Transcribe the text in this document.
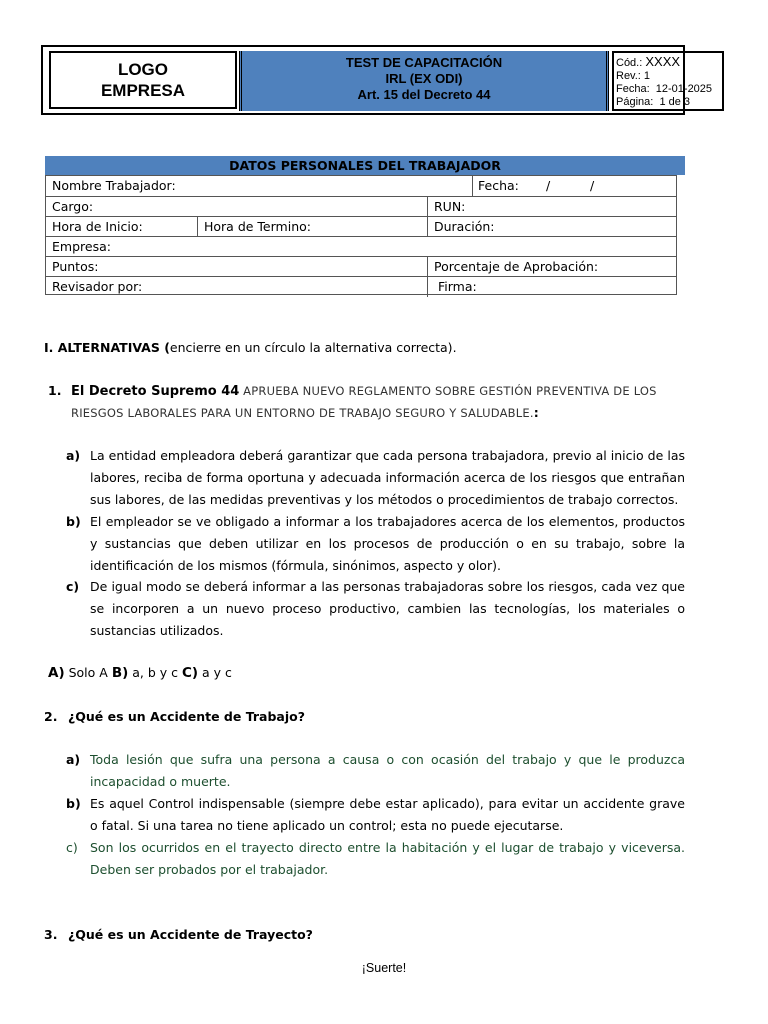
LOGO
EMPRESA
TEST DE CAPACITACIÓN
IRL (EX ODI)
Art. 15 del Decreto 44
Cód.: XXXX
Rev.: 1
Fecha: 12-01-2025
Página: 1 de 3
DATOS PERSONALES DEL TRABAJADOR
Nombre Trabajador:	Fecha: /          /
Cargo:	RUN:
Hora de Inicio:	Hora de Termino:	Duración:
Empresa:
Puntos:	Porcentaje de Aprobación:
Revisador por:	Firma:
I. ALTERNATIVAS (encierre en un círculo la alternativa correcta).
1. El Decreto Supremo 44 APRUEBA NUEVO REGLAMENTO SOBRE GESTIÓN PREVENTIVA DE LOS
RIESGOS LABORALES PARA UN ENTORNO DE TRABAJO SEGURO Y SALUDABLE.:
a) La entidad empleadora deberá garantizar que cada persona trabajadora, previo al inicio de las labores, reciba de forma oportuna y adecuada información acerca de los riesgos que entrañan sus labores, de las medidas preventivas y los métodos o procedimientos de trabajo correctos.
b) El empleador se ve obligado a informar a los trabajadores acerca de los elementos, productos y sustancias que deben utilizar en los procesos de producción o en su trabajo, sobre la identificación de los mismos (fórmula, sinónimos, aspecto y olor).
c) De igual modo se deberá informar a las personas trabajadoras sobre los riesgos, cada vez que se incorporen a un nuevo proceso productivo, cambien las tecnologías, los materiales o sustancias utilizados.
A) Solo A B) a, b y c C) a y c
2. ¿Qué es un Accidente de Trabajo?
a) Toda lesión que sufra una persona a causa o con ocasión del trabajo y que le produzca incapacidad o muerte.
b) Es aquel Control indispensable (siempre debe estar aplicado), para evitar un accidente grave o fatal. Si una tarea no tiene aplicado un control; esta no puede ejecutarse.
c) Son los ocurridos en el trayecto directo entre la habitación y el lugar de trabajo y viceversa. Deben ser probados por el trabajador.
3. ¿Qué es un Accidente de Trayecto?
¡Suerte!
